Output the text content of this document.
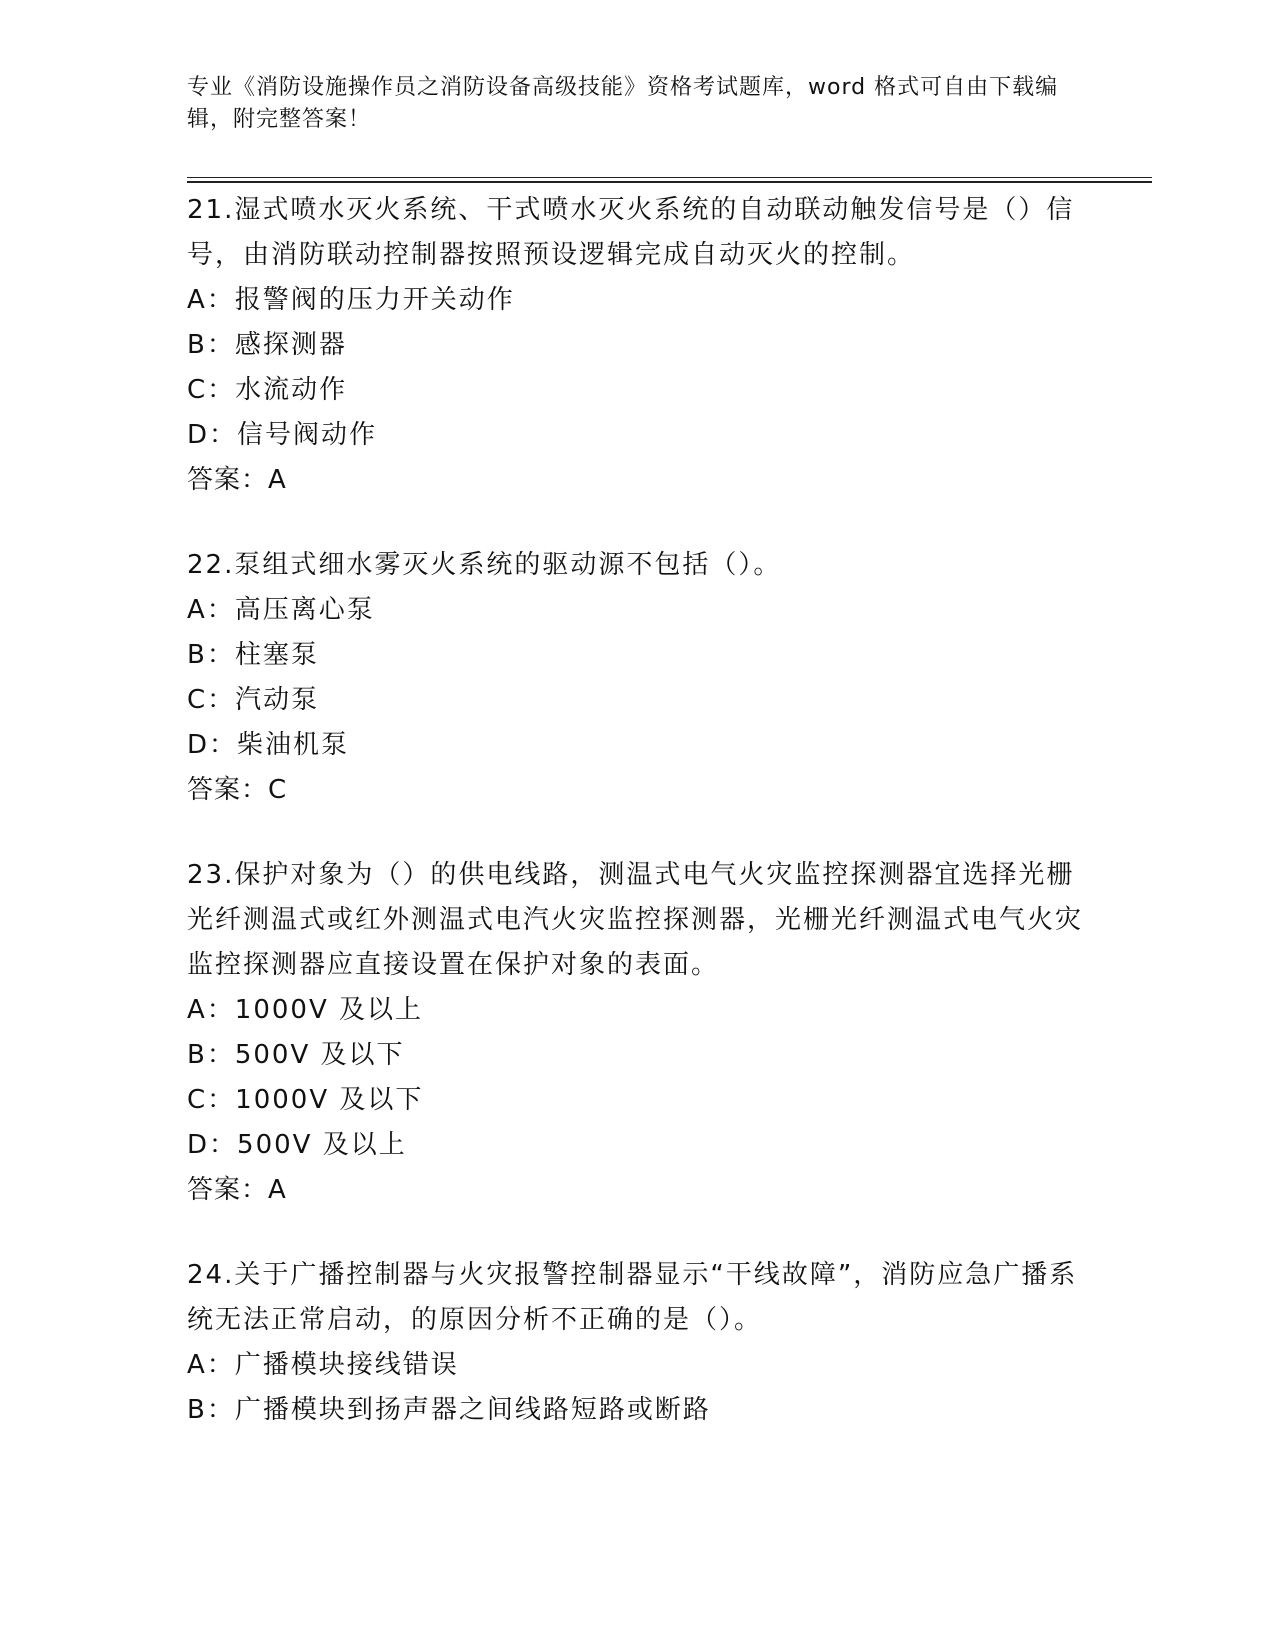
专业《消防设施操作员之消防设备高级技能》资格考试题库，word 格式可自由下载编辑，附完整答案！
21.湿式喷水灭火系统、干式喷水灭火系统的自动联动触发信号是（）信号，由消防联动控制器按照预设逻辑完成自动灭火的控制。
A：报警阀的压力开关动作
B：感探测器
C：水流动作
D：信号阀动作
答案：A
22.泵组式细水雾灭火系统的驱动源不包括（）。
A：高压离心泵
B：柱塞泵
C：汽动泵
D：柴油机泵
答案：C
23.保护对象为（）的供电线路，测温式电气火灾监控探测器宜选择光栅光纤测温式或红外测温式电汽火灾监控探测器，光栅光纤测温式电气火灾监控探测器应直接设置在保护对象的表面。
A：1000V 及以上
B：500V 及以下
C：1000V 及以下
D：500V 及以上
答案：A
24.关于广播控制器与火灾报警控制器显示“干线故障”，消防应急广播系统无法正常启动，的原因分析不正确的是（）。
A：广播模块接线错误
B：广播模块到扬声器之间线路短路或断路
